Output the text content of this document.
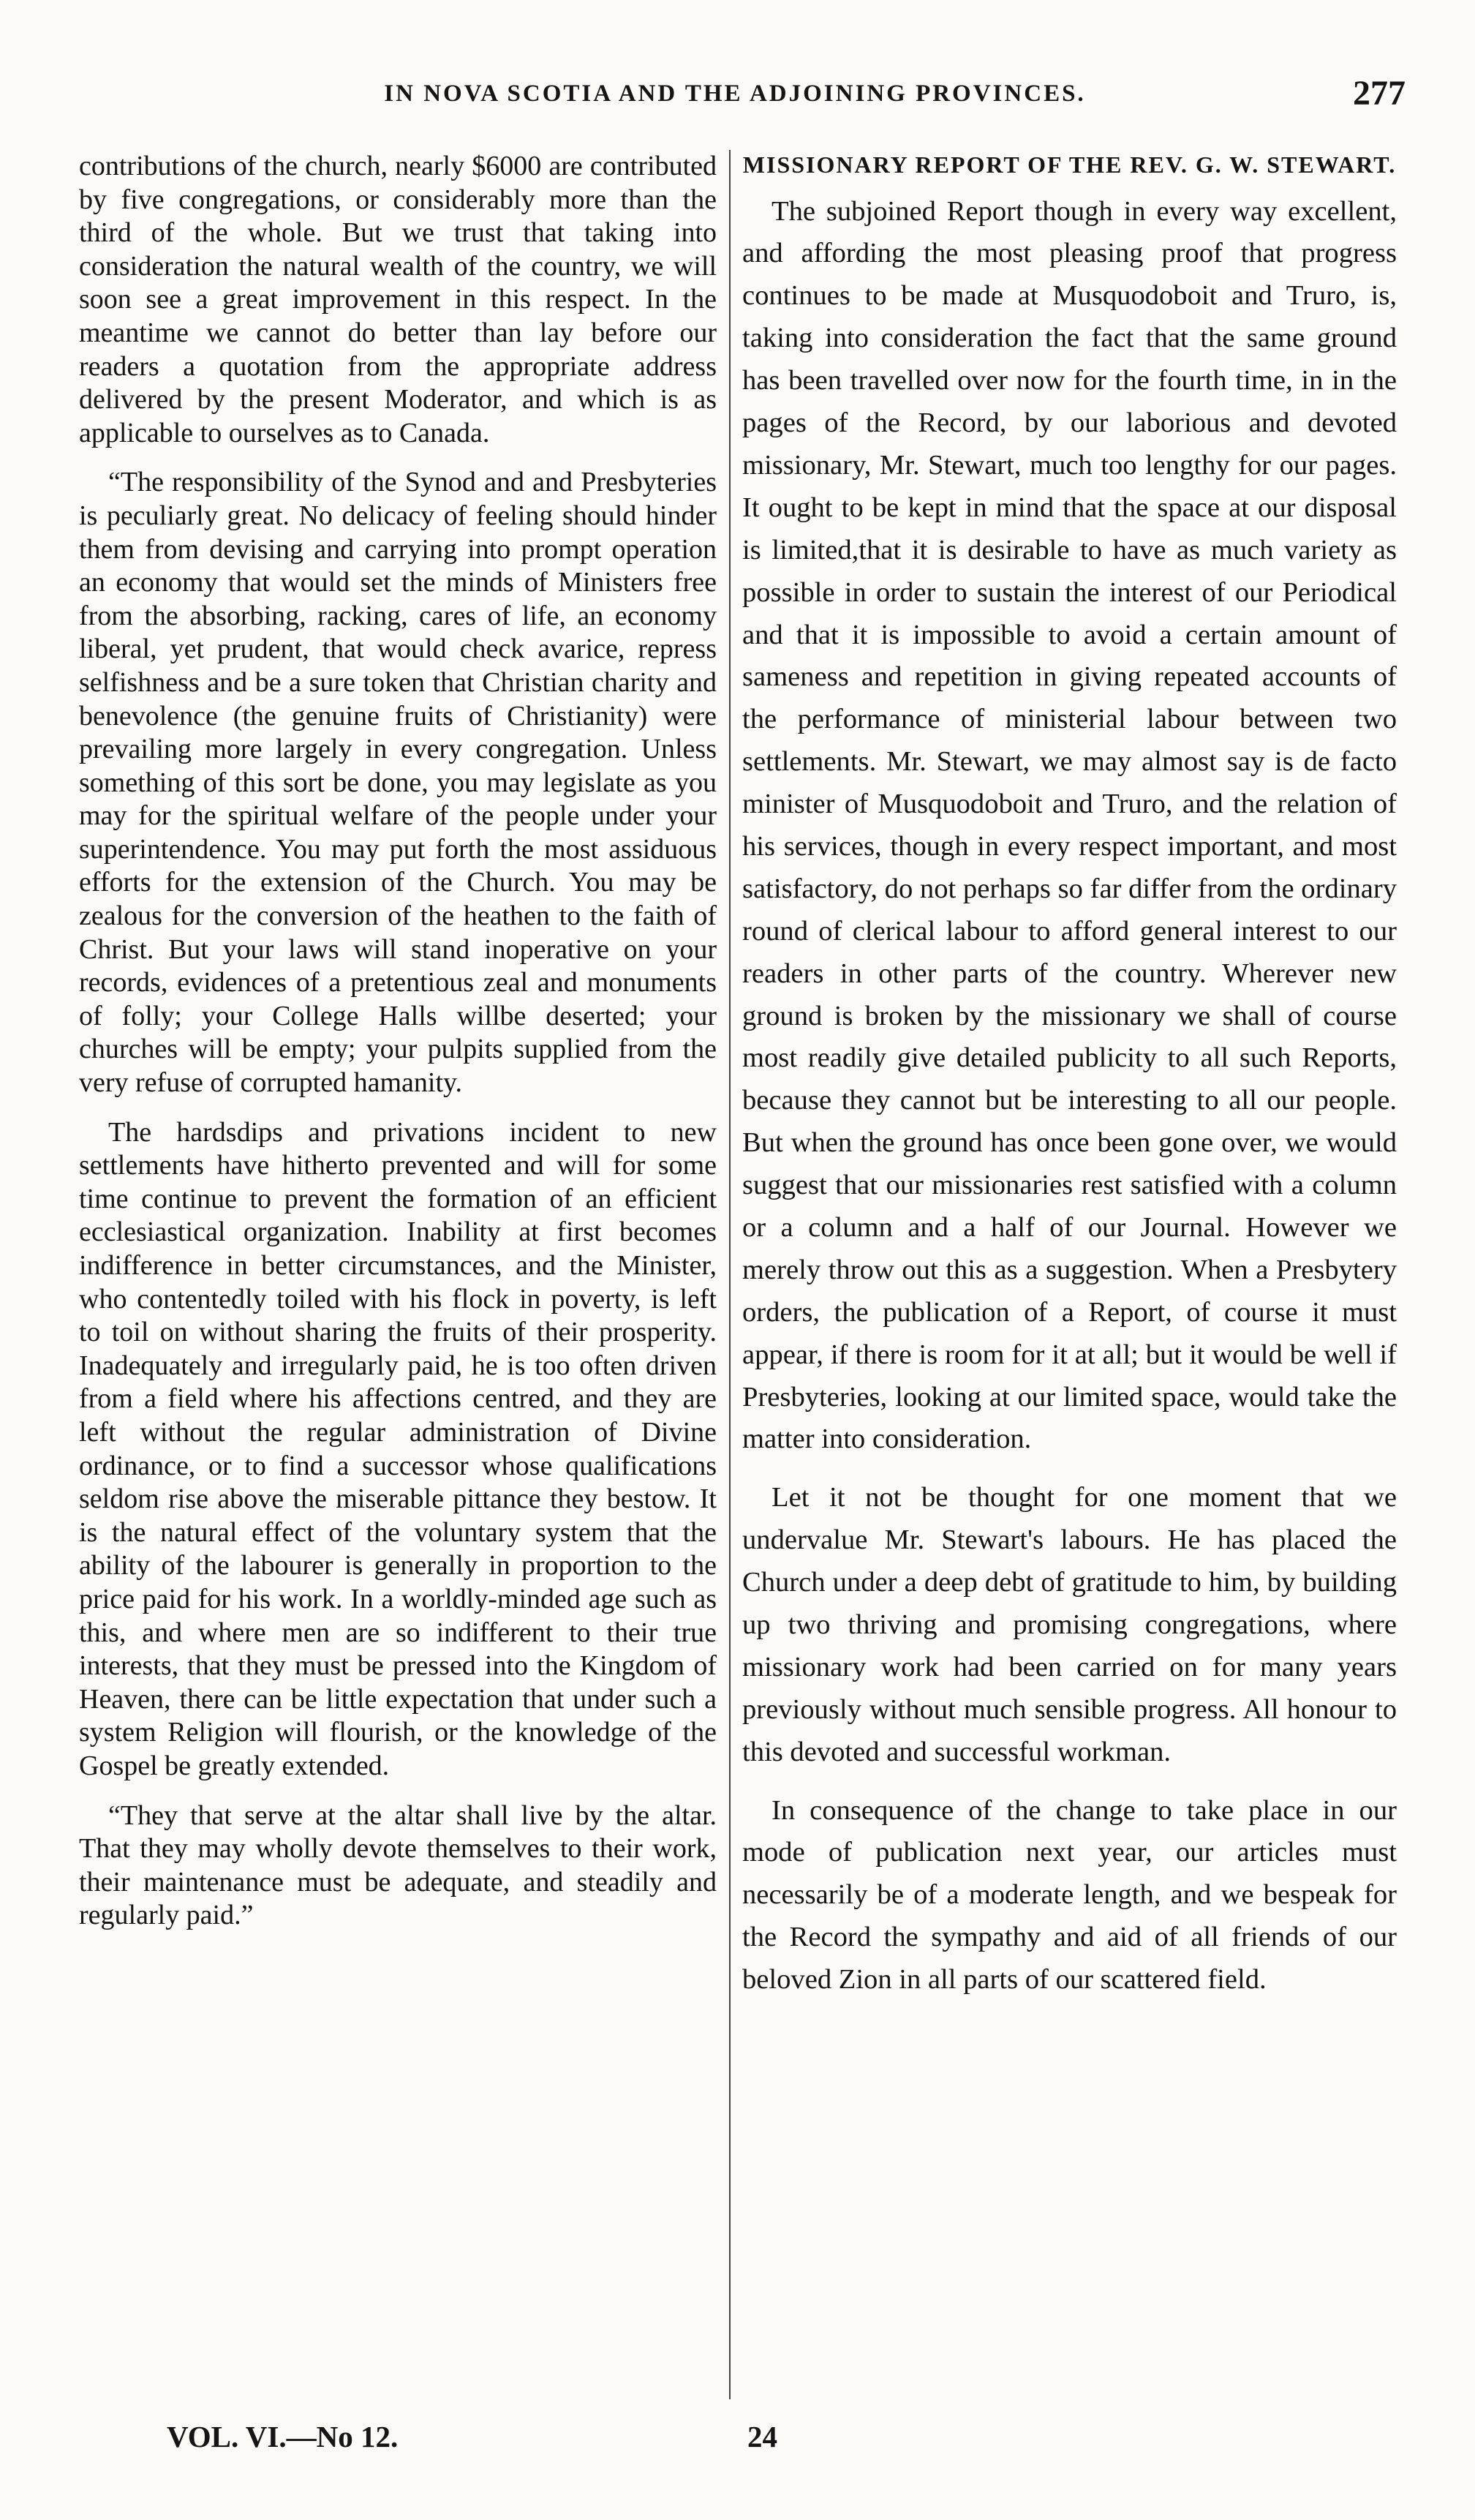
IN NOVA SCOTIA AND THE ADJOINING PROVINCES.	277

contributions of the church, nearly $6000 are contributed by five congregations, or considerably more than the third of the whole. But we trust that taking into consideration the natural wealth of the country, we will soon see a great improvement in this respect. In the meantime we cannot do better than lay before our readers a quotation from the appropriate address delivered by the present Moderator, and which is as applicable to ourselves as to Canada.

“The responsibility of the Synod and and Presbyteries is peculiarly great. No delicacy of feeling should hinder them from devising and carrying into prompt operation an economy that would set the minds of Ministers free from the absorbing, racking, cares of life, an economy liberal, yet prudent, that would check avarice, repress selfishness and be a sure token that Christian charity and benevolence (the genuine fruits of Christianity) were prevailing more largely in every congregation. Unless something of this sort be done, you may legislate as you may for the spiritual welfare of the people under your superintendence. You may put forth the most assiduous efforts for the extension of the Church. You may be zealous for the conversion of the heathen to the faith of Christ. But your laws will stand inoperative on your records, evidences of a pretentious zeal and monuments of folly; your College Halls willbe deserted; your churches will be empty; your pulpits supplied from the very refuse of corrupted hamanity.

The hardsdips and privations incident to new settlements have hitherto prevented and will for some time continue to prevent the formation of an efficient ecclesiastical organization. Inability at first becomes indifference in better circumstances, and the Minister, who contentedly toiled with his flock in poverty, is left to toil on without sharing the fruits of their prosperity. Inadequately and irregularly paid, he is too often driven from a field where his affections centred, and they are left without the regular administration of Divine ordinance, or to find a successor whose qualifications seldom rise above the miserable pittance they bestow. It is the natural effect of the voluntary system that the ability of the labourer is generally in proportion to the price paid for his work. In a worldly-minded age such as this, and where men are so indifferent to their true interests, that they must be pressed into the Kingdom of Heaven, there can be little expectation that under such a system Religion will flourish, or the knowledge of the Gospel be greatly extended.

“They that serve at the altar shall live by the altar. That they may wholly devote themselves to their work, their maintenance must be adequate, and steadily and regularly paid.”

MISSIONARY REPORT OF THE REV. G. W. STEWART.

The subjoined Report though in every way excellent, and affording the most pleasing proof that progress continues to be made at Musquodoboit and Truro, is, taking into consideration the fact that the same ground has been travelled over now for the fourth time, in in the pages of the Record, by our laborious and devoted missionary, Mr. Stewart, much too lengthy for our pages. It ought to be kept in mind that the space at our disposal is limited,that it is desirable to have as much variety as possible in order to sustain the interest of our Periodical and that it is impossible to avoid a certain amount of sameness and repetition in giving repeated accounts of the performance of ministerial labour between two settlements. Mr. Stewart, we may almost say is de facto minister of Musquodoboit and Truro, and the relation of his services, though in every respect important, and most satisfactory, do not perhaps so far differ from the ordinary round of clerical labour to afford general interest to our readers in other parts of the country. Wherever new ground is broken by the missionary we shall of course most readily give detailed publicity to all such Reports, because they cannot but be interesting to all our people. But when the ground has once been gone over, we would suggest that our missionaries rest satisfied with a column or a column and a half of our Journal. However we merely throw out this as a suggestion. When a Presbytery orders, the publication of a Report, of course it must appear, if there is room for it at all; but it would be well if Presbyteries, looking at our limited space, would take the matter into consideration.

Let it not be thought for one moment that we undervalue Mr. Stewart's labours. He has placed the Church under a deep debt of gratitude to him, by building up two thriving and promising congregations, where missionary work had been carried on for many years previously without much sensible progress. All honour to this devoted and successful workman.

In consequence of the change to take place in our mode of publication next year, our articles must necessarily be of a moderate length, and we bespeak for the Record the sympathy and aid of all friends of our beloved Zion in all parts of our scattered field.

VOL. VI.—No 12.	24
